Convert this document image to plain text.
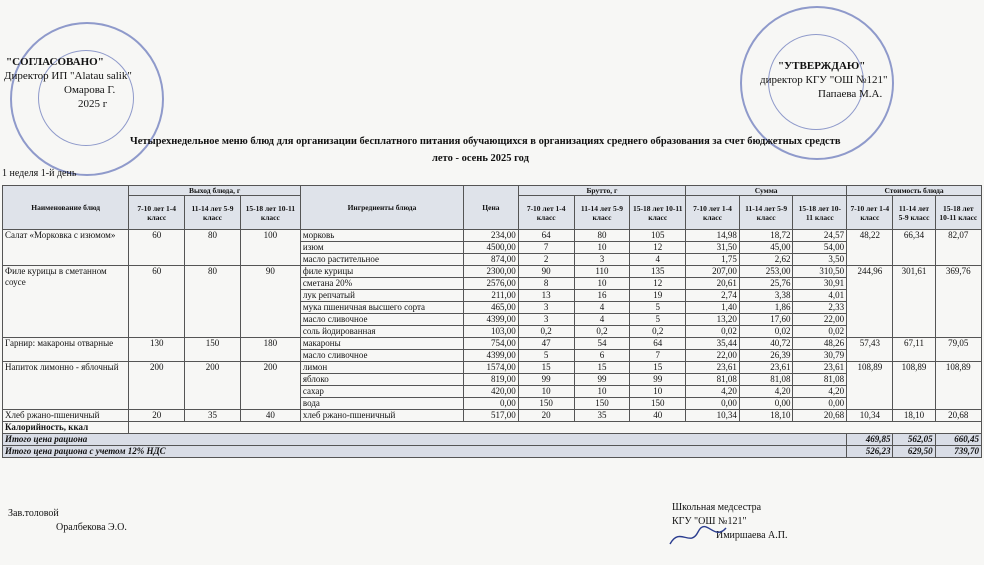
"СОГЛАСОВАНО"
Директор ИП "Alatau salik"
Омарова Г.
2025 г
"УТВЕРЖДАЮ"
директор КГУ "ОШ №121"
Папаева М.А.
Четырехнедельное меню блюд для организации бесплатного питания обучающихся в организациях среднего образования за счет бюджетных средств
лето - осень 2025 год
1 неделя 1-й день
Наименование блюд	Выход блюда, г			Ингредиенты блюда	Цена	Брутто, г			Сумма			Стоимость блюда		
	7-10 лет 1-4 класс	11-14 лет 5-9 класс	15-18 лет 10-11 класс			7-10 лет 1-4 класс	11-14 лет 5-9 класс	15-18 лет 10-11 класс	7-10 лет 1-4 класс	11-14 лет 5-9 класс	15-18 лет 10-11 класс	7-10 лет 1-4 класс	11-14 лет 5-9 класс	15-18 лет 10-11 класс
Салат «Морковка с изюмом»	60	80	100	морковь	234,00	64	80	105	14,98	18,72	24,57	48,22	66,34	82,07
				изюм	4500,00	7	10	12	31,50	45,00	54,00			
				масло растительное	874,00	2	3	4	1,75	2,62	3,50			
Филе курицы в сметанном соусе	60	80	90	филе курицы	2300,00	90	110	135	207,00	253,00	310,50	244,96	301,61	369,76
				сметана 20%	2576,00	8	10	12	20,61	25,76	30,91			
				лук репчатый	211,00	13	16	19	2,74	3,38	4,01			
				мука пшеничная высшего сорта	465,00	3	4	5	1,40	1,86	2,33			
				масло сливочное	4399,00	3	4	5	13,20	17,60	22,00			
				соль йодированная	103,00	0,2	0,2	0,2	0,02	0,02	0,02			
Гарнир: макароны отварные	130	150	180	макароны	754,00	47	54	64	35,44	40,72	48,26	57,43	67,11	79,05
				масло сливочное	4399,00	5	6	7	22,00	26,39	30,79			
Напиток лимонно - яблочный	200	200	200	лимон	1574,00	15	15	15	23,61	23,61	23,61	108,89	108,89	108,89
				яблоко	819,00	99	99	99	81,08	81,08	81,08			
				сахар	420,00	10	10	10	4,20	4,20	4,20			
				вода	0,00	150	150	150	0,00	0,00	0,00			
Хлеб ржано-пшеничный	20	35	40	хлеб ржано-пшеничный	517,00	20	35	40	10,34	18,10	20,68	10,34	18,10	20,68
Калорийность, ккал														
Итого цена рациона												469,85	562,05	660,45
Итого цена рациона с учетом 12% НДС												526,23	629,50	739,70
Зав.толовой
Оралбекова Э.О.
Школьная медсестра
КГУ "ОШ №121"
Имиршаева А.П.
